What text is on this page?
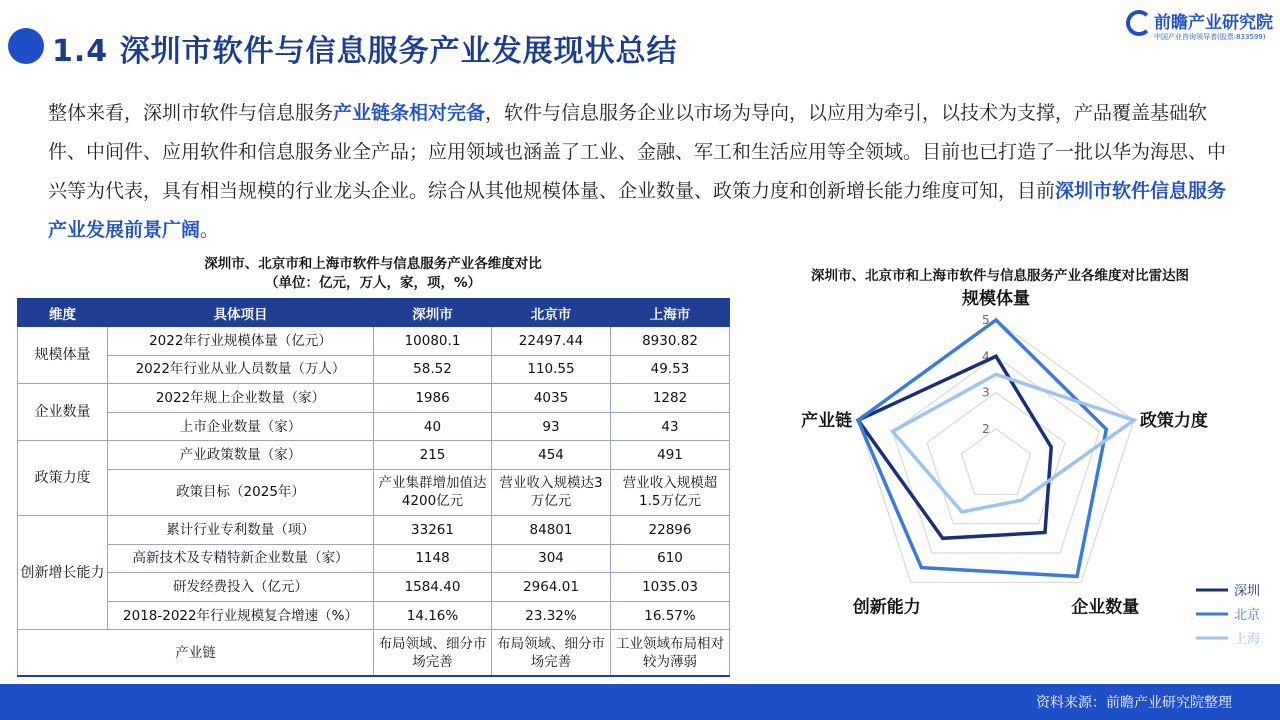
1.4 深圳市软件与信息服务产业发展现状总结
前瞻产业研究院
中国产业咨询领导者(股票:833599)
整体来看，深圳市软件与信息服务产业链条相对完备，软件与信息服务企业以市场为导向，以应用为牵引，以技术为支撑，产品覆盖基础软件、中间件、应用软件和信息服务业全产品；应用领域也涵盖了工业、金融、军工和生活应用等全领域。目前也已打造了一批以华为海思、中兴等为代表，具有相当规模的行业龙头企业。综合从其他规模体量、企业数量、政策力度和创新增长能力维度可知，目前深圳市软件信息服务产业发展前景广阔。
深圳市、北京市和上海市软件与信息服务产业各维度对比
（单位：亿元，万人，家，项，%）
维度	具体项目	深圳市	北京市	上海市
规模体量	2022年行业规模体量（亿元）	10080.1	22497.44	8930.82
	2022年行业从业人员数量（万人）	58.52	110.55	49.53
企业数量	2022年规上企业数量（家）	1986	4035	1282
	上市企业数量（家）	40	93	43
政策力度	产业政策数量（家）	215	454	491
	政策目标（2025年）	产业集群增加值达4200亿元	营业收入规模达3万亿元	营业收入规模超1.5万亿元
创新增长能力	累计行业专利数量（项）	33261	84801	22896
	高新技术及专精特新企业数量（家）	1148	304	610
	研发经费投入（亿元）	1584.40	2964.01	1035.03
	2018-2022年行业规模复合增速（%）	14.16%	23.32%	16.57%
产业链		布局领域、细分市场完善	布局领域、细分市场完善	工业领域布局相对较为薄弱
深圳市、北京市和上海市软件与信息服务产业各维度对比雷达图
2
3
4
5
规模体量
政策力度
企业数量
创新能力
产业链
深圳
北京
上海
资料来源：前瞻产业研究院整理
